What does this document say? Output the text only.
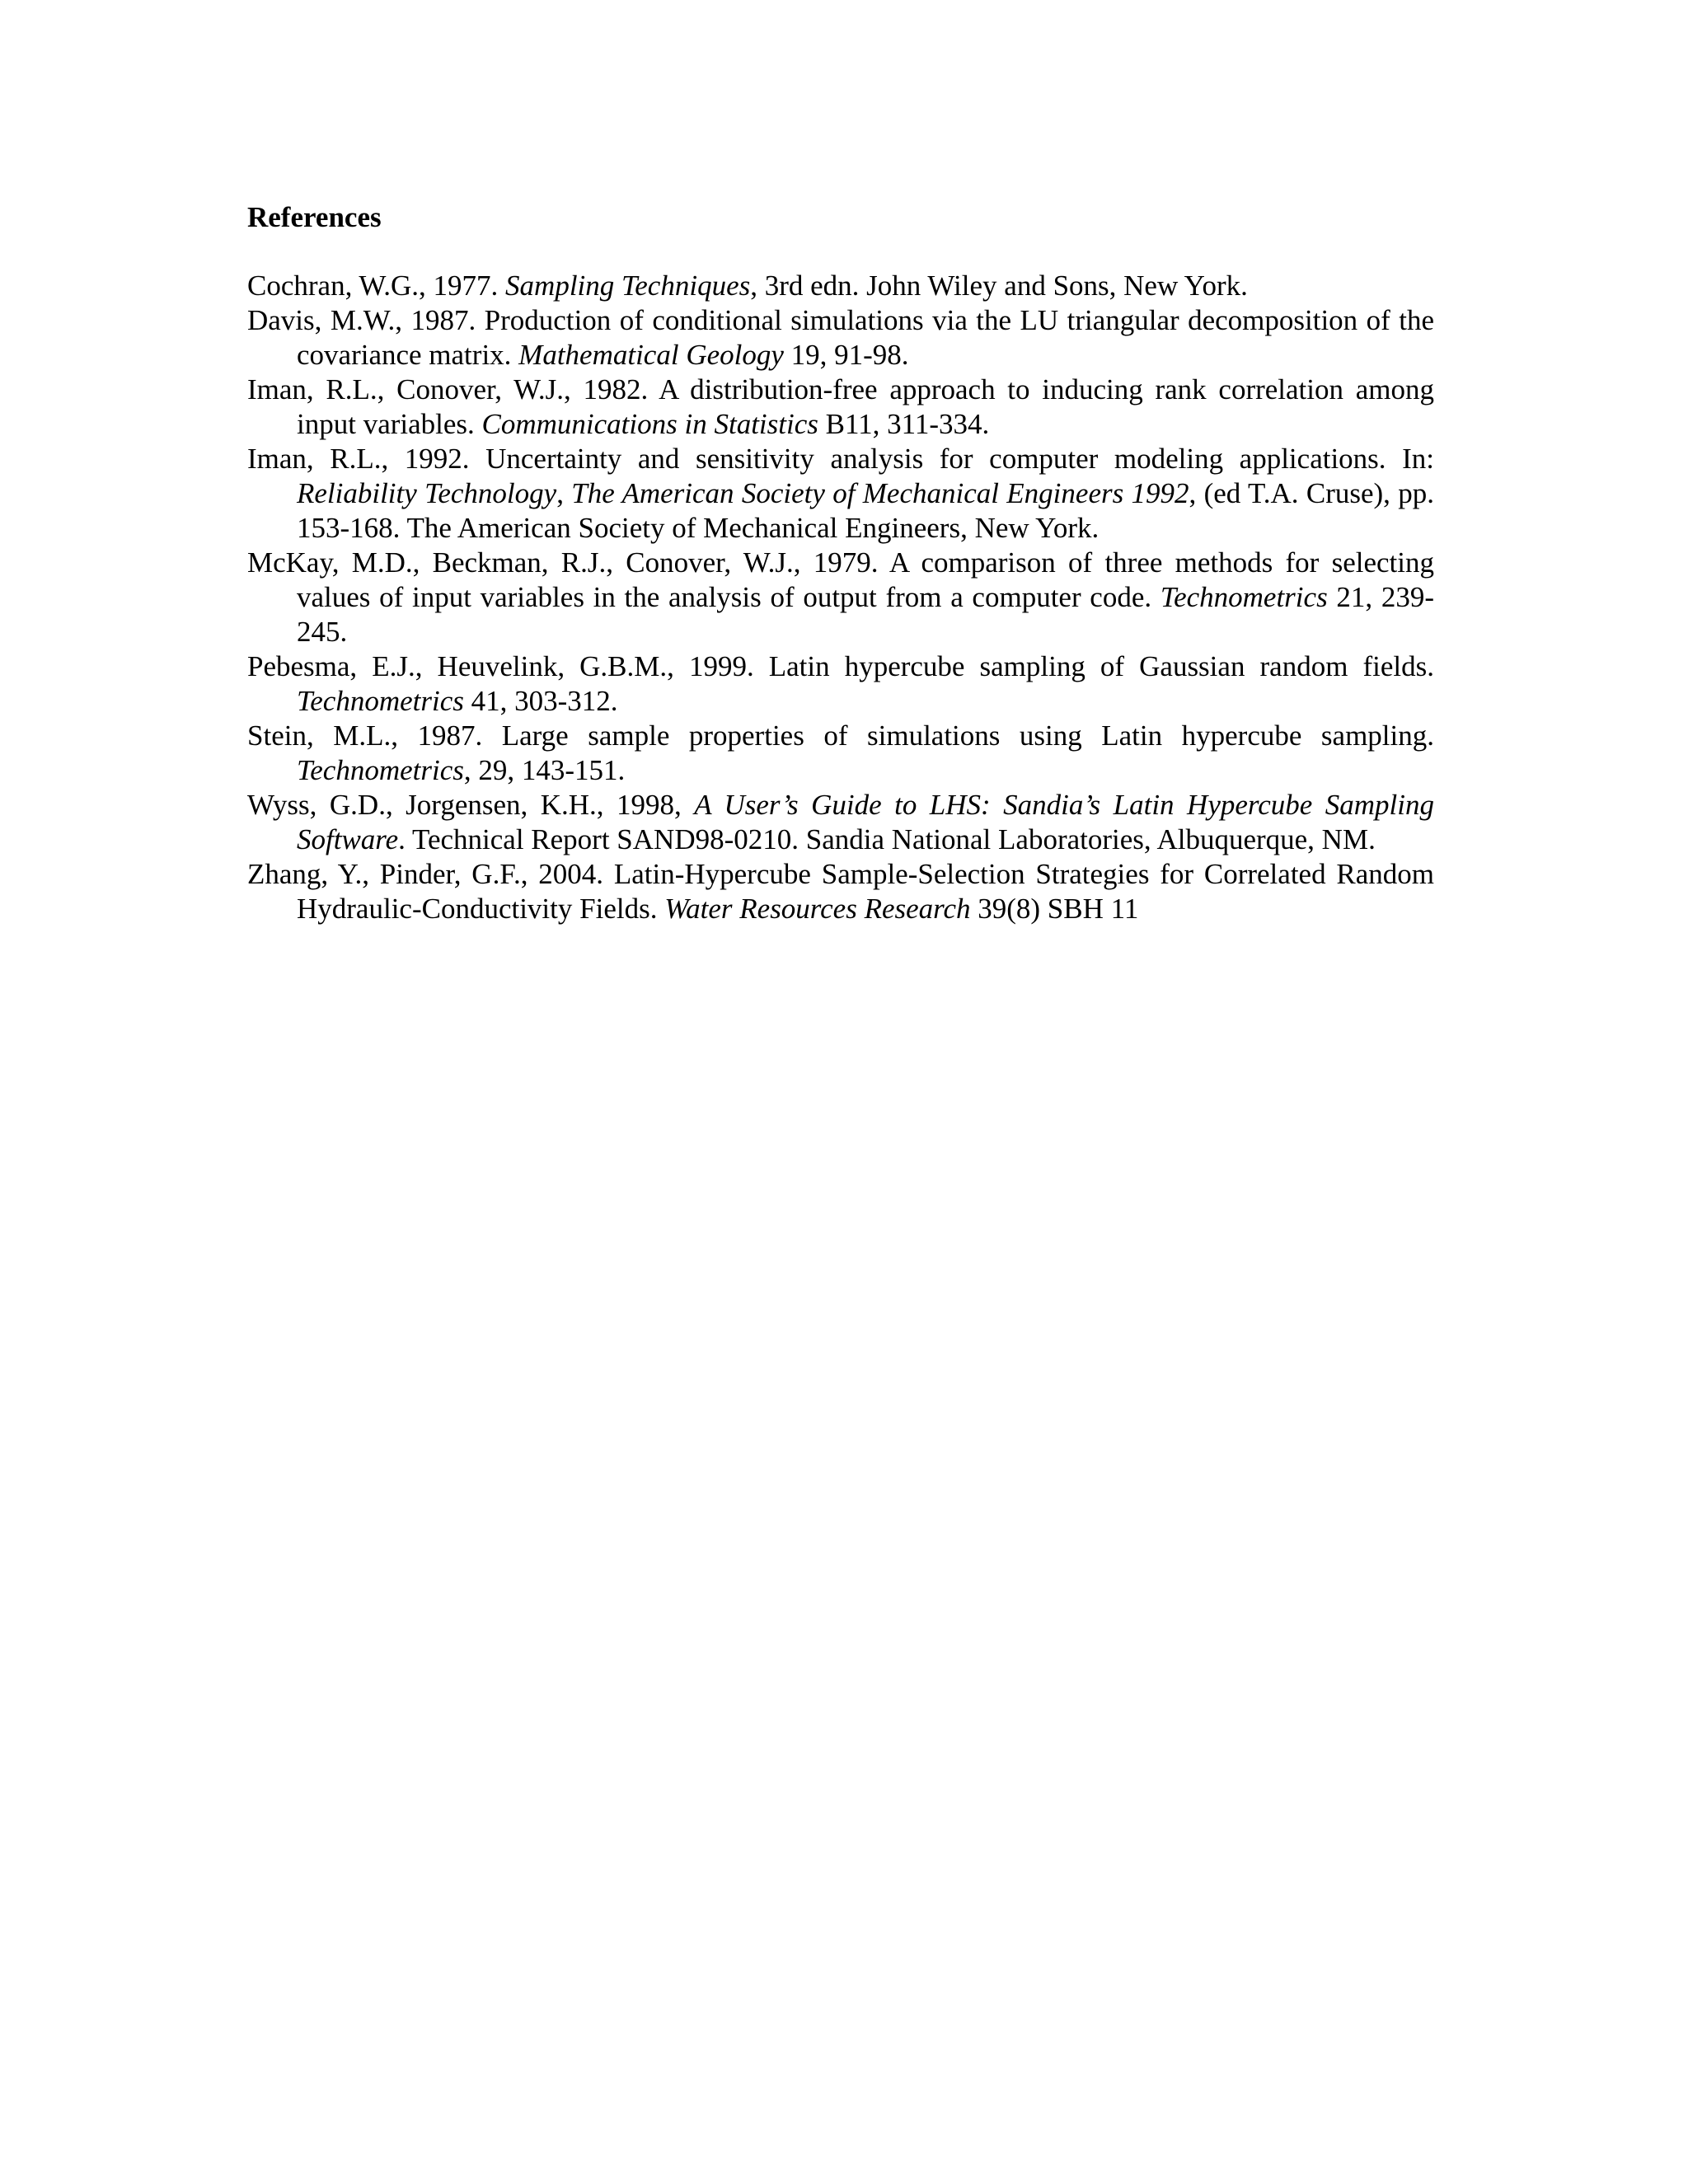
References
Cochran, W.G., 1977. Sampling Techniques, 3rd edn. John Wiley and Sons, New York.
Davis, M.W., 1987. Production of conditional simulations via the LU triangular decomposition of the covariance matrix. Mathematical Geology 19, 91-98.
Iman, R.L., Conover, W.J., 1982. A distribution-free approach to inducing rank correlation among input variables. Communications in Statistics B11, 311-334.
Iman, R.L., 1992. Uncertainty and sensitivity analysis for computer modeling applications. In: Reliability Technology, The American Society of Mechanical Engineers 1992, (ed T.A. Cruse), pp. 153-168. The American Society of Mechanical Engineers, New York.
McKay, M.D., Beckman, R.J., Conover, W.J., 1979. A comparison of three methods for selecting values of input variables in the analysis of output from a computer code. Technometrics 21, 239-245.
Pebesma, E.J., Heuvelink, G.B.M., 1999. Latin hypercube sampling of Gaussian random fields. Technometrics 41, 303-312.
Stein, M.L., 1987. Large sample properties of simulations using Latin hypercube sampling. Technometrics, 29, 143-151.
Wyss, G.D., Jorgensen, K.H., 1998, A User’s Guide to LHS: Sandia’s Latin Hypercube Sampling Software. Technical Report SAND98-0210. Sandia National Laboratories, Albuquerque, NM.
Zhang, Y., Pinder, G.F., 2004. Latin-Hypercube Sample-Selection Strategies for Correlated Random Hydraulic-Conductivity Fields. Water Resources Research 39(8) SBH 11
